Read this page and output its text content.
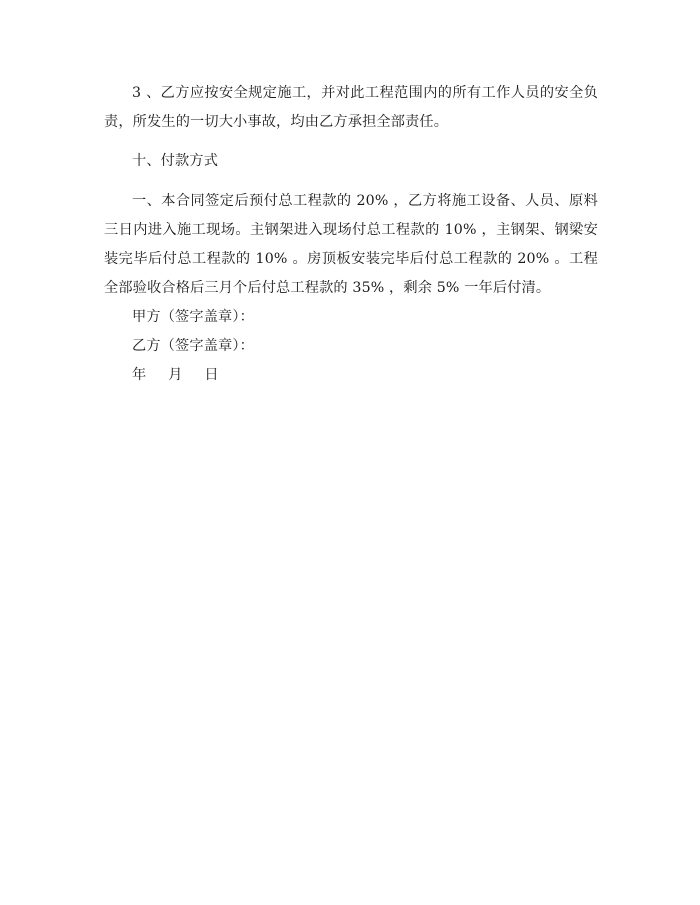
3 、乙方应按安全规定施工，并对此工程范围内的所有工作人员的安全负责，所发生的一切大小事故，均由乙方承担全部责任。

十、付款方式

一、本合同签定后预付总工程款的 20% ，乙方将施工设备、人员、原料三日内进入施工现场。主钢架进入现场付总工程款的 10% ，主钢架、钢梁安装完毕后付总工程款的 10% 。房顶板安装完毕后付总工程款的 20% 。工程全部验收合格后三月个后付总工程款的 35% ，剩余 5% 一年后付清。

甲方（签字盖章）：

乙方（签字盖章）：

年 月 日
